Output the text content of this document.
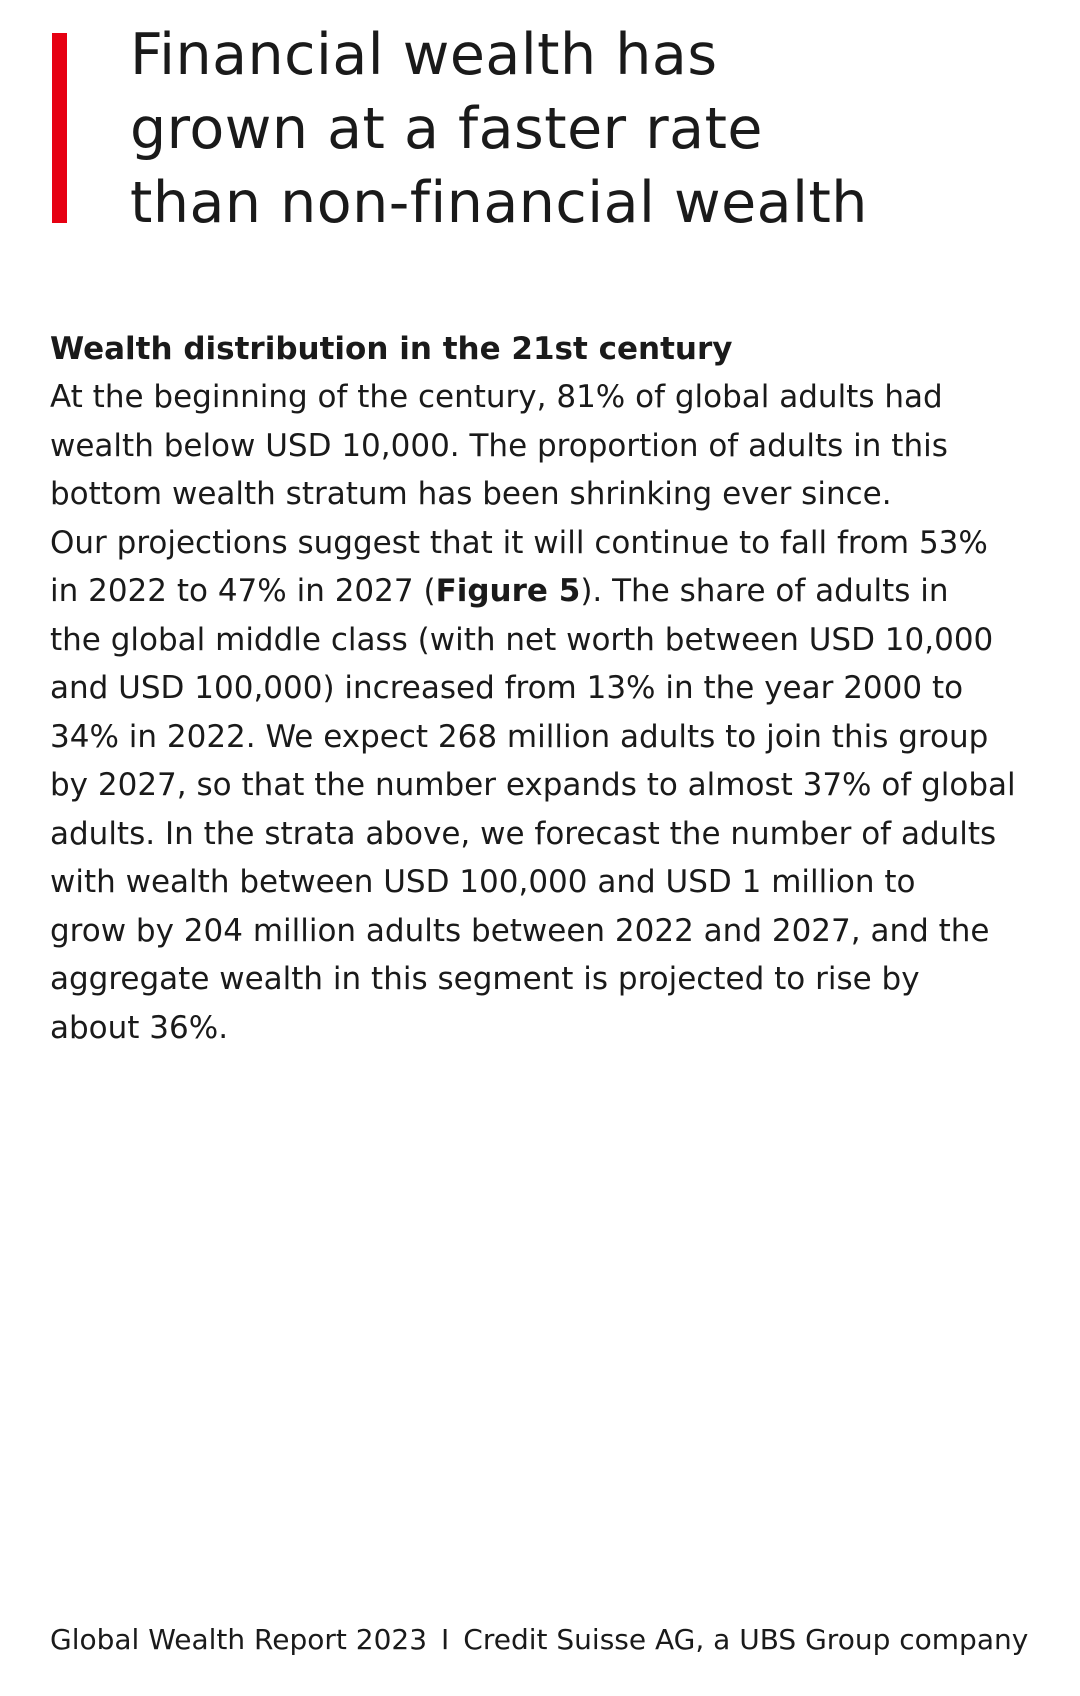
Financial wealth has
grown at a faster rate
than non-financial wealth
Wealth distribution in the 21st century

At the beginning of the century, 81% of global adults had
wealth below USD 10,000. The proportion of adults in this
bottom wealth stratum has been shrinking ever since.
Our projections suggest that it will continue to fall from 53%
in 2022 to 47% in 2027 (Figure 5). The share of adults in
the global middle class (with net worth between USD 10,000
and USD 100,000) increased from 13% in the year 2000 to
34% in 2022. We expect 268 million adults to join this group
by 2027, so that the number expands to almost 37% of global
adults. In the strata above, we forecast the number of adults
with wealth between USD 100,000 and USD 1 million to
grow by 204 million adults between 2022 and 2027, and the
aggregate wealth in this segment is projected to rise by
about 36%.

Global Wealth Report 2023 I Credit Suisse AG, a UBS Group company
